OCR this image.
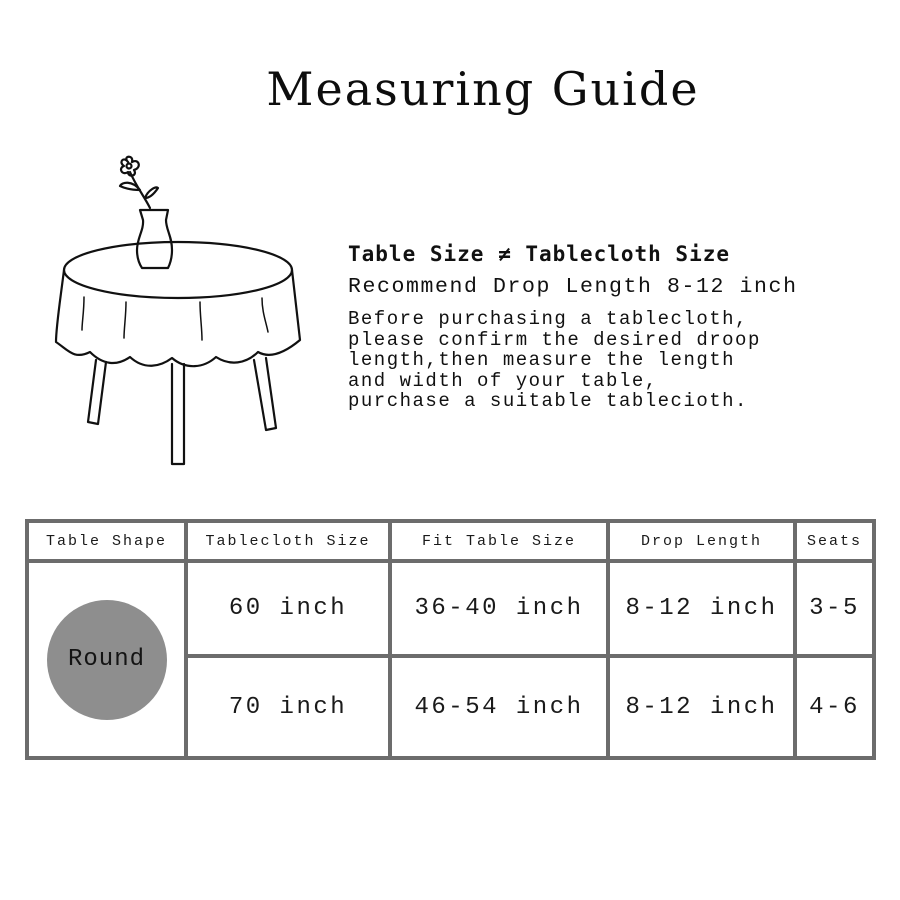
Measuring Guide
Table Size ≠ Tablecloth Size
Recommend Drop Length 8-12 inch
Before purchasing a tablecloth,
please confirm the desired droop
length,then measure the length
and width of your table,
purchase a suitable tablecioth.
Table Shape	Tablecloth Size	Fit Table Size	Drop Length	Seats
Round
60 inch	36-40 inch	8-12 inch	3-5
70 inch	46-54 inch	8-12 inch	4-6
